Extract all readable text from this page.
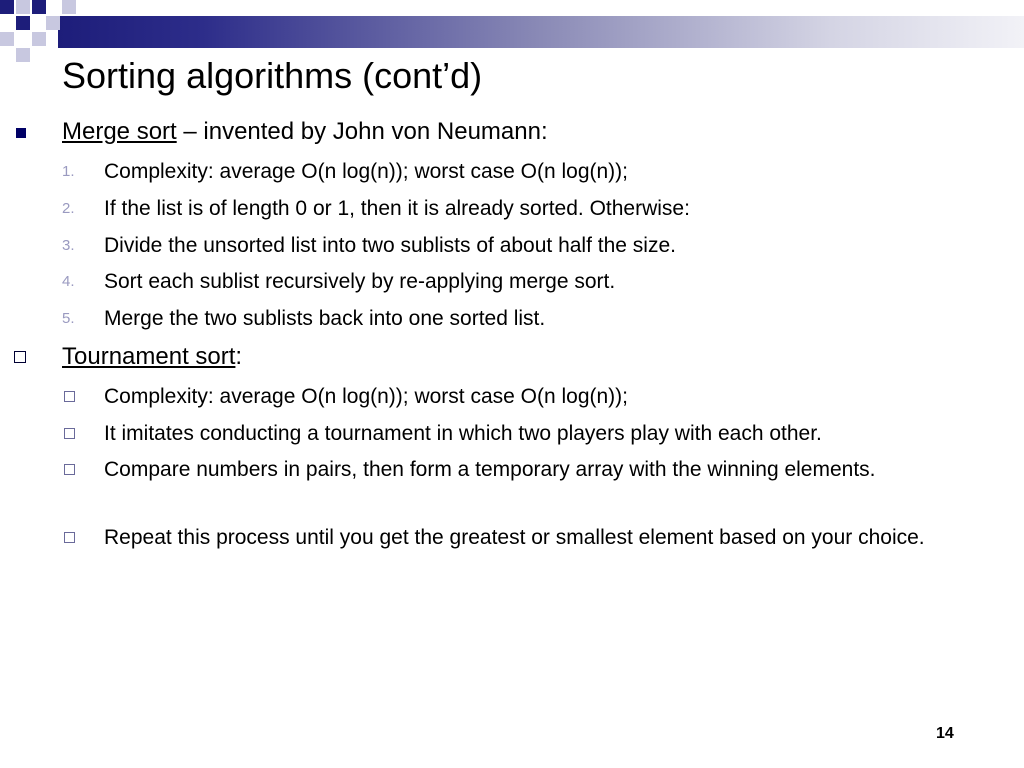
Sorting algorithms (cont’d)
Merge sort – invented by John von Neumann:
1. Complexity: average O(n log(n)); worst case O(n log(n));
2. If the list is of length 0 or 1, then it is already sorted. Otherwise:
3. Divide the unsorted list into two sublists of about half the size.
4. Sort each sublist recursively by re-applying merge sort.
5. Merge the two sublists back into one sorted list.
Tournament sort:
Complexity: average O(n log(n)); worst case O(n log(n));
It imitates conducting a tournament in which two players play with each other.
Compare numbers in pairs, then form a temporary array with the winning elements.
Repeat this process until you get the greatest or smallest element based on your choice.
14
